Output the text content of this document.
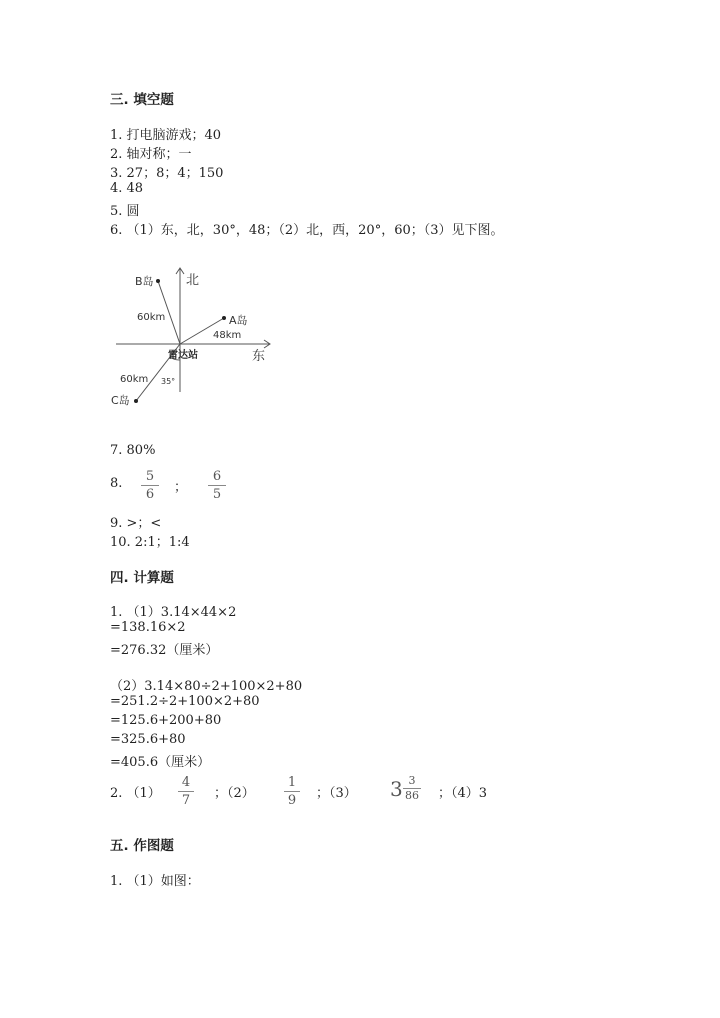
三. 填空题
1. 打电脑游戏；40
2. 轴对称；一
3. 27；8；4；150
4. 48
5. 圆
6. （1）东，北，30°，48；（2）北，西，20°，60；（3）见下图。
北
东
雷达站
B岛
A岛
C岛
60km
48km
60km 35°
7. 80%
8.	5
6	；
6
5
9. >；<
10. 2:1；1:4
四. 计算题
1. （1）3.14×44×2
=138.16×2
=276.32（厘米）
（2）3.14×80÷2+100×2+80
=251.2÷2+100×2+80
=125.6+200+80
=325.6+80
=405.6（厘米）
2. （1）
4
7 ；（2）
1
9 ；（3） 3 3
86 ；（4）3
五. 作图题
1. （1）如图：
